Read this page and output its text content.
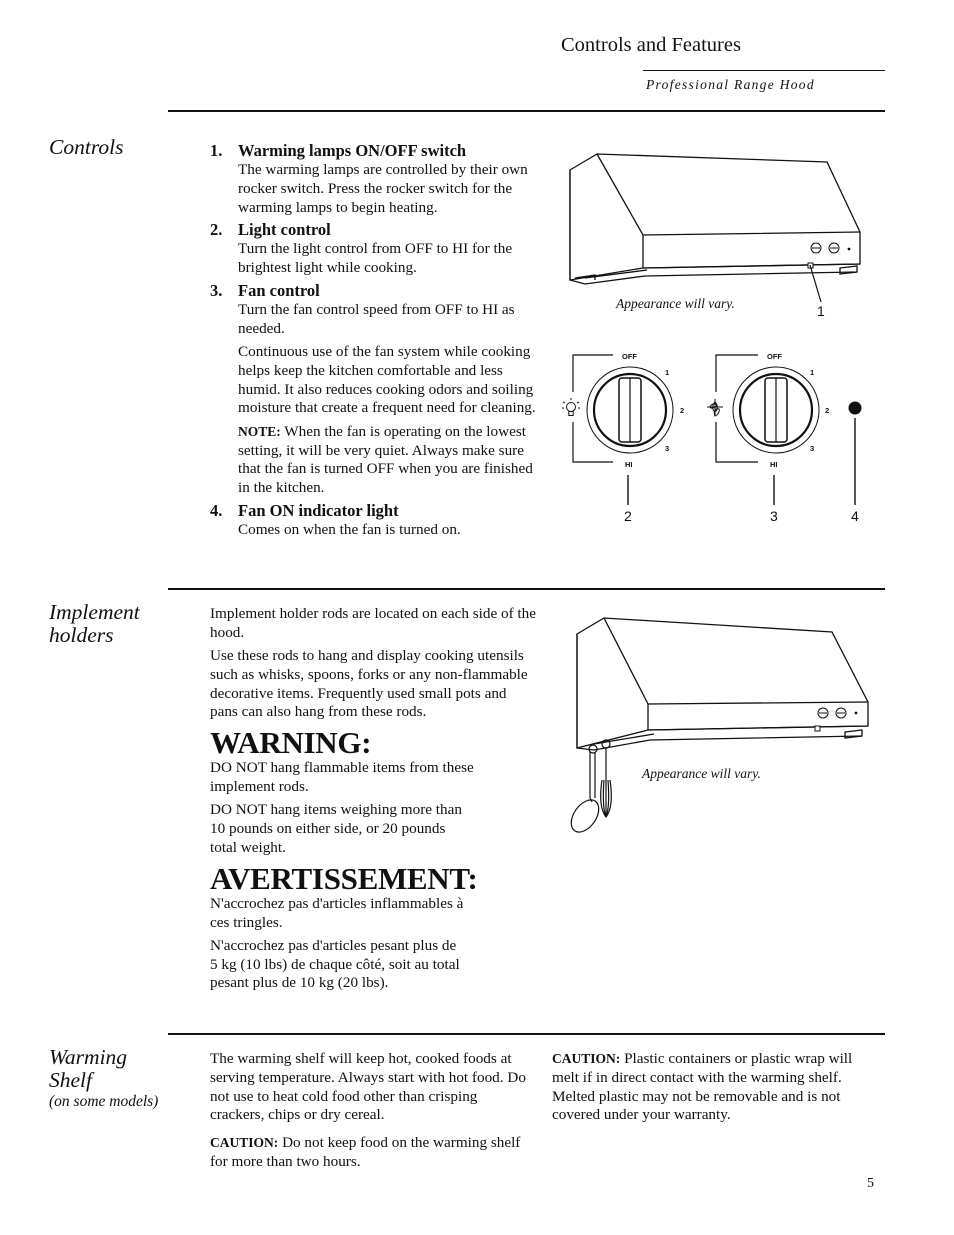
Controls and Features
Professional Range Hood
Controls	1. Warming lamps ON/OFF switch
The warming lamps are controlled by their own rocker switch. Press the rocker switch for the warming lamps to begin heating.
2. Light control
Turn the light control from OFF to HI for the brightest light while cooking.
3. Fan control
Turn the fan control speed from OFF to HI as needed.
Continuous use of the fan system while cooking helps keep the kitchen comfortable and less humid. It also reduces cooking odors and soiling moisture that create a frequent need for cleaning.
NOTE: When the fan is operating on the lowest setting, it will be very quiet. Always make sure that the fan is turned OFF when you are finished in the kitchen.
4. Fan ON indicator light
Comes on when the fan is turned on.
Appearance will vary.	1
OFF
1
2
3
HI
OFF
1
2
3
HI
2	3	4
Implement
holders

Implement holder rods are located on each side of the hood.

Use these rods to hang and display cooking utensils such as whisks, spoons, forks or any non-flammable decorative items. Frequently used small pots and pans can also hang from these rods.

WARNING:

DO NOT hang flammable items from these implement rods.

DO NOT hang items weighing more than
10 pounds on either side, or 20 pounds
total weight.

AVERTISSEMENT:

N'accrochez pas d'articles inflammables à
ces tringles.

N'accrochez pas d'articles pesant plus de
5 kg (10 lbs) de chaque côté, soit au total
pesant plus de 10 kg (20 lbs).

Appearance will vary.
Warming
Shelf
(on some models)

The warming shelf will keep hot, cooked foods at serving temperature. Always start with hot food. Do not use to heat cold food other than crisping crackers, chips or dry cereal.

CAUTION: Do not keep food on the warming shelf for more than two hours.

CAUTION: Plastic containers or plastic wrap will melt if in direct contact with the warming shelf. Melted plastic may not be removable and is not covered under your warranty.

5
